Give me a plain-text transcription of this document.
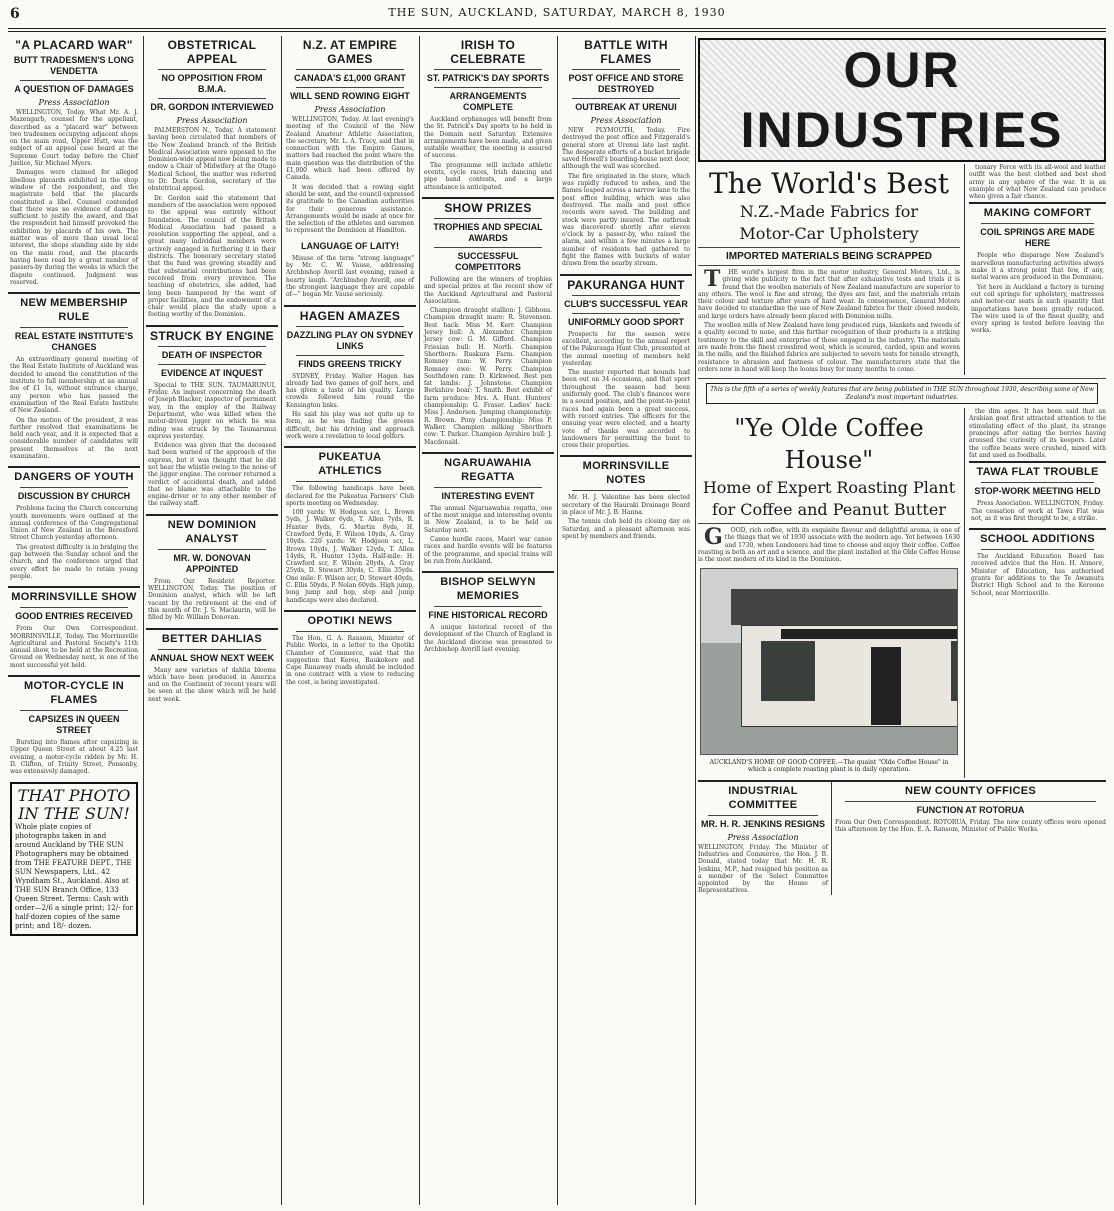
6	THE SUN, AUCKLAND, SATURDAY, MARCH 8, 1930
"A PLACARD WAR"
BUTT TRADESMEN'S LONG VENDETTA
A QUESTION OF DAMAGES
Press Association

WELLINGTON, Today. What Mr. A. J. Mazengarb, counsel for the appellant, described as a "placard war" between two tradesmen occupying adjacent shops on the main road, Upper Hutt, was the subject of an appeal case heard at the Supreme Court today before the Chief Justice, Sir Michael Myers.

Damages were claimed for alleged libellous placards exhibited in the shop window of the respondent, and the magistrate held that the placards constituted a libel. Counsel contended that there was no evidence of damage sufficient to justify the award, and that the respondent had himself provoked the exhibition by placards of his own. The matter was of more than usual local interest, the shops standing side by side on the main road, and the placards having been read by a great number of passers-by during the weeks in which the dispute continued. Judgment was reserved.

NEW MEMBERSHIP RULE
REAL ESTATE INSTITUTE'S CHANGES

An extraordinary general meeting of the Real Estate Institute of Auckland was decided to amend the constitution of the institute to fall membership at an annual fee of £1 1s, without entrance charge, any person who has passed the examination of the Real Estate Institute of New Zealand.

On the motion of the president, it was further resolved that examinations be held each year, and it is expected that a considerable number of candidates will present themselves at the next examination.

DANGERS OF YOUTH
DISCUSSION BY CHURCH

Problems facing the Church concerning youth movements were outlined at the annual conference of the Congregational Union of New Zealand in the Beresford Street Church yesterday afternoon.

The greatest difficulty is in bridging the gap between the Sunday school and the church, and the conference urged that every effort be made to retain young people.

MORRINSVILLE SHOW
GOOD ENTRIES RECEIVED

From Our Own Correspondent. MORRINSVILLE, Today. The Morrinsville Agricultural and Pastoral Society's 11th annual show, to be held at the Recreation Ground on Wednesday next, is one of the most successful yet held.

MOTOR-CYCLE IN FLAMES
CAPSIZES IN QUEEN STREET

Bursting into flames after capsizing in Upper Queen Street at about 4.25 last evening, a motor-cycle ridden by Mr. H. D. Clifton, of Trinity Street, Ponsonby, was extensively damaged.

THAT PHOTO IN THE SUN!
Whole plate copies of photographs taken in and around Auckland by THE SUN Photographers may be obtained from THE FEATURE DEPT., THE SUN Newspapers, Ltd., 42 Wyndham St., Auckland. Also at THE SUN Branch Office, 133 Queen Street. Terms: Cash with order—2/6 a single print; 12/- for half-dozen copies of the same print; and 18/- dozen.
OBSTETRICAL APPEAL
NO OPPOSITION FROM B.M.A.
DR. GORDON INTERVIEWED
Press Association

PALMERSTON N., Today. A statement having been circulated that members of the New Zealand branch of the British Medical Association were opposed to the Dominion-wide appeal now being made to endow a Chair of Midwifery at the Otago Medical School, the matter was referred to Dr. Doris Gordon, secretary of the obstetrical appeal.

Dr. Gordon said the statement that members of the association were opposed to the appeal was entirely without foundation. The council of the British Medical Association had passed a resolution supporting the appeal, and a great many individual members were actively engaged in furthering it in their districts. The honorary secretary stated that the fund was growing steadily and that substantial contributions had been received from every province. The teaching of obstetrics, she added, had long been hampered by the want of proper facilities, and the endowment of a chair would place the study upon a footing worthy of the Dominion.

STRUCK BY ENGINE
DEATH OF INSPECTOR
EVIDENCE AT INQUEST

Special to THE SUN. TAUMARUNUI, Friday. An inquest concerning the death of Joseph Blacker, inspector of permanent way, in the employ of the Railway Department, who was killed when the motor-driven jigger on which he was riding was struck by the Taumarunui express yesterday.

Evidence was given that the deceased had been warned of the approach of the express, but it was thought that he did not hear the whistle owing to the noise of the jigger engine. The coroner returned a verdict of accidental death, and added that no blame was attachable to the engine-driver or to any other member of the railway staff.

NEW DOMINION ANALYST
MR. W. DONOVAN APPOINTED

From Our Resident Reporter. WELLINGTON, Today. The position of Dominion analyst, which will be left vacant by the retirement at the end of this month of Dr. J. S. Maclaurin, will be filled by Mr. William Donovan.

BETTER DAHLIAS
ANNUAL SHOW NEXT WEEK

Many new varieties of dahlia blooms which have been produced in America and on the Continent of recent years will be seen at the show which will be held next week.

N.Z. AT EMPIRE GAMES
CANADA'S £1,000 GRANT
WILL SEND ROWING EIGHT
Press Association

WELLINGTON, Today. At last evening's meeting of the Council of the New Zealand Amateur Athletic Association, the secretary, Mr. L. A. Tracy, said that in connection with the Empire Games, matters had reached the point where the main question was the distribution of the £1,000 which had been offered by Canada.

It was decided that a rowing eight should be sent, and the council expressed its gratitude to the Canadian authorities for their generous assistance. Arrangements would be made at once for the selection of the athletes and oarsmen to represent the Dominion at Hamilton.

LANGUAGE OF LAITY!

Misuse of the term "strong language" by Mr. C. W. Vause, addressing Archbishop Averill last evening, raised a hearty laugh. "Archbishop Averill, one of the strongest language they are capable of—" began Mr. Vause seriously.

HAGEN AMAZES
DAZZLING PLAY ON SYDNEY LINKS
FINDS GREENS TRICKY

SYDNEY, Friday. Walter Hagen has already had two games of golf here, and has given a taste of his quality. Large crowds followed him round the Kensington links.

He said his play was not quite up to form, as he was finding the greens difficult, but his driving and approach work were a revelation to local golfers.

PUKEATUA ATHLETICS

The following handicaps have been declared for the Pukeatua Farmers' Club sports meeting on Wednesday.

100 yards: W. Hodgson scr, L. Brown 5yds, J. Walker 6yds, T. Allen 7yds, R. Hunter 8yds, G. Martin 8yds, H. Crawford 9yds, F. Wilson 10yds, A. Gray 10yds. 220 yards: W. Hodgson scr, L. Brown 10yds, J. Walker 12yds, T. Allen 14yds, R. Hunter 15yds. Half-mile: H. Crawford scr, F. Wilson 20yds, A. Gray 25yds, D. Stewart 30yds, C. Ellis 35yds. One mile: F. Wilson scr, D. Stewart 40yds, C. Ellis 50yds, P. Nolan 60yds. High jump, long jump and hop, step and jump handicaps were also declared.

OPOTIKI NEWS

The Hon. G. A. Ransom, Minister of Public Works, in a letter to the Opotiki Chamber of Commerce, said that the suggestion that Kereu, Raukokore and Cape Runaway roads should be included in one contract with a view to reducing the cost, is being investigated.

IRISH TO CELEBRATE
ST. PATRICK'S DAY SPORTS
ARRANGEMENTS COMPLETE

Auckland orphanages will benefit from the St. Patrick's Day sports to be held in the Domain next Saturday. Extensive arrangements have been made, and given suitable weather, the meeting is assured of success.

The programme will include athletic events, cycle races, Irish dancing and pipe band contests, and a large attendance is anticipated.

SHOW PRIZES
TROPHIES AND SPECIAL AWARDS
SUCCESSFUL COMPETITORS

Following are the winners of trophies and special prizes at the recent show of the Auckland Agricultural and Pastoral Association.

Champion draught stallion: J. Gibbons. Champion draught mare: R. Stevenson. Best hack: Miss M. Kerr. Champion Jersey bull: A. Alexander. Champion Jersey cow: G. M. Gifford. Champion Friesian bull: H. North. Champion Shorthorn: Ruakura Farm. Champion Romney ram: W. Perry. Champion Romney ewe: W. Perry. Champion Southdown ram: D. Kirkwood. Best pen fat lambs: J. Johnstone. Champion Berkshire boar: T. Smith. Best exhibit of farm produce: Mrs. A. Hunt. Hunters' championship: G. Fraser. Ladies' hack: Miss J. Anderson. Jumping championship: R. Brown. Pony championship: Miss P. Walker. Champion milking Shorthorn cow: T. Parker. Champion Ayrshire bull: J. Macdonald.

NGARUAWAHIA REGATTA
INTERESTING EVENT

The annual Ngaruawahia regatta, one of the most unique and interesting events in New Zealand, is to be held on Saturday next.

Canoe hurdle races, Maori war canoe races and hurdle events will be features of the programme, and special trains will be run from Auckland.

BISHOP SELWYN MEMORIES
FINE HISTORICAL RECORD

A unique historical record of the development of the Church of England in the Auckland diocese was presented to Archbishop Averill last evening.

BATTLE WITH FLAMES
POST OFFICE AND STORE DESTROYED
OUTBREAK AT URENUI
Press Association

NEW PLYMOUTH, Today. Fire destroyed the post office and Fitzgerald's general store at Urenui late last night. The desperate efforts of a bucket brigade saved Howell's boarding-house next door, although the wall was scorched.

The fire originated in the store, which was rapidly reduced to ashes, and the flames leaped across a narrow lane to the post office building, which was also destroyed. The mails and post office records were saved. The building and stock were partly insured. The outbreak was discovered shortly after eleven o'clock by a passer-by, who raised the alarm, and within a few minutes a large number of residents had gathered to fight the flames with buckets of water drawn from the nearby stream.

PAKURANGA HUNT
CLUB'S SUCCESSFUL YEAR
UNIFORMLY GOOD SPORT

Prospects for the season were excellent, according to the annual report of the Pakuranga Hunt Club, presented at the annual meeting of members held yesterday.

The master reported that hounds had been out on 34 occasions, and that sport throughout the season had been uniformly good. The club's finances were in a sound position, and the point-to-point races had again been a great success, with record entries. The officers for the ensuing year were elected, and a hearty vote of thanks was accorded to landowners for permitting the hunt to cross their properties.

MORRINSVILLE NOTES

Mr. H. J. Valentine has been elected secretary of the Hauraki Drainage Board in place of Mr. J. B. Hanna.

The tennis club held its closing day on Saturday, and a pleasant afternoon was spent by members and friends.

OUR INDUSTRIES
The World's Best
N.Z.-Made Fabrics for
Motor-Car Upholstery
IMPORTED MATERIALS BEING SCRAPPED

T HE world's largest firm in the motor industry, General Motors, Ltd., is giving wide publicity to the fact that after exhaustive tests and trials it is found that the woollen materials of New Zealand manufacture are superior to any others. The wool is fine and strong, the dyes are fast, and the materials retain their colour and texture after years of hard wear. In consequence, General Motors have decided to standardise the use of New Zealand fabrics for their closed models, and large orders have already been placed with Dominion mills.

The woollen mills of New Zealand have long produced rugs, blankets and tweeds of a quality second to none, and this further recognition of their products is a striking testimony to the skill and enterprise of those engaged in the industry. The materials are made from the finest crossbred wool, which is scoured, carded, spun and woven in the mills, and the finished fabrics are subjected to severe tests for tensile strength, resistance to abrasion and fastness of colour. The manufacturers state that the orders now in hand will keep the looms busy for many months to come.

tionary Force with its all-wool and leather outfit was the best clothed and best shod army in any sphere of the war. It is an example of what New Zealand can produce when given a fair chance.

MAKING COMFORT
COIL SPRINGS ARE MADE HERE

People who disparage New Zealand's marvellous manufacturing activities always make it a strong point that few, if any, metal wares are produced in the Dominion.

Yet here in Auckland a factory is turning out coil springs for upholstery, mattresses and motor-car seats in such quantity that importations have been greatly reduced. The wire used is of the finest quality, and every spring is tested before leaving the works.

This is the fifth of a series of weekly features that are being published in THE SUN throughout 1930, describing some of New Zealand's most important industries.
"Ye Olde Coffee House"
Home of Expert Roasting Plant
for Coffee and Peanut Butter

G OOD, rich coffee, with its exquisite flavour and delightful aroma, is one of the things that we of 1930 associate with the modern age. Yet between 1630 and 1730, when Londoners had time to choose and enjoy their coffee. Coffee roasting is both an art and a science, and the plant installed at the Olde Coffee House is the most modern of its kind in the Dominion.

AUCKLAND'S HOME OF GOOD COFFEE.—The quaint "Olde Coffee House" in which a complete roasting plant is in daily operation.

the dim ages. It has been said that an Arabian goat first attracted attention to the stimulating effect of the plant, its strange prancings after eating the berries having aroused the curiosity of its keepers. Later the coffee beans were crushed, mixed with fat and used as foodballs.

TAWA FLAT TROUBLE
STOP-WORK MEETING HELD

Press Association. WELLINGTON, Friday. The cessation of work at Tawa Flat was not, as it was first thought to be, a strike.

SCHOOL ADDITIONS

The Auckland Education Board has received advice that the Hon. H. Atmore, Minister of Education, has authorised grants for additions to the Te Awamutu District High School and to the Kereone School, near Morrinsville.

INDUSTRIAL COMMITTEE
MR. H. R. JENKINS RESIGNS
Press Association
WELLINGTON, Friday. The Minister of Industries and Commerce, the Hon. J. B. Donald, stated today that Mr. H. R. Jenkins, M.P., had resigned his position as a member of the Select Committee appointed by the House of Representatives.
NEW COUNTY OFFICES
FUNCTION AT ROTORUA
From Our Own Correspondent. ROTORUA, Friday. The new county offices were opened this afternoon by the Hon. E. A. Ransom, Minister of Public Works.
